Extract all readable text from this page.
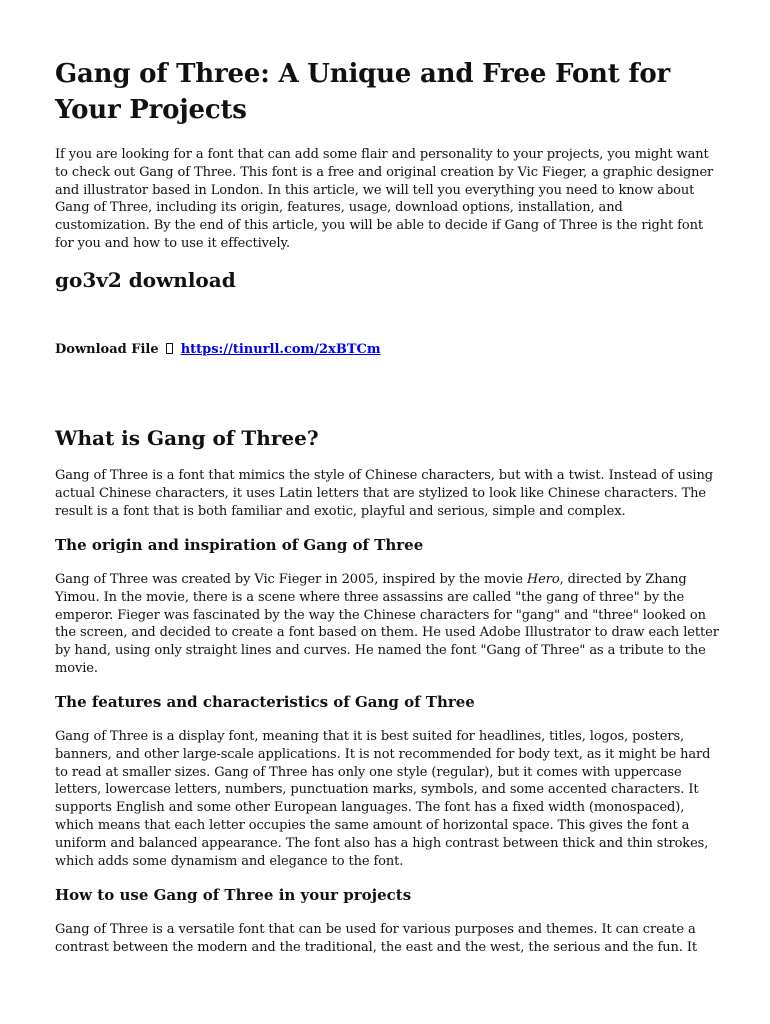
Gang of Three: A Unique and Free Font for Your Projects

If you are looking for a font that can add some flair and personality to your projects, you might want to check out Gang of Three. This font is a free and original creation by Vic Fieger, a graphic designer and illustrator based in London. In this article, we will tell you everything you need to know about Gang of Three, including its origin, features, usage, download options, installation, and customization. By the end of this article, you will be able to decide if Gang of Three is the right font for you and how to use it effectively.

go3v2 download
Download File https://tinurll.com/2xBTCm
What is Gang of Three?

Gang of Three is a font that mimics the style of Chinese characters, but with a twist. Instead of using actual Chinese characters, it uses Latin letters that are stylized to look like Chinese characters. The result is a font that is both familiar and exotic, playful and serious, simple and complex.

The origin and inspiration of Gang of Three

Gang of Three was created by Vic Fieger in 2005, inspired by the movie Hero, directed by Zhang Yimou. In the movie, there is a scene where three assassins are called "the gang of three" by the emperor. Fieger was fascinated by the way the Chinese characters for "gang" and "three" looked on the screen, and decided to create a font based on them. He used Adobe Illustrator to draw each letter by hand, using only straight lines and curves. He named the font "Gang of Three" as a tribute to the movie.

The features and characteristics of Gang of Three

Gang of Three is a display font, meaning that it is best suited for headlines, titles, logos, posters, banners, and other large-scale applications. It is not recommended for body text, as it might be hard to read at smaller sizes. Gang of Three has only one style (regular), but it comes with uppercase letters, lowercase letters, numbers, punctuation marks, symbols, and some accented characters. It supports English and some other European languages. The font has a fixed width (monospaced), which means that each letter occupies the same amount of horizontal space. This gives the font a uniform and balanced appearance. The font also has a high contrast between thick and thin strokes, which adds some dynamism and elegance to the font.

How to use Gang of Three in your projects

Gang of Three is a versatile font that can be used for various purposes and themes. It can create a contrast between the modern and the traditional, the east and the west, the serious and the fun. It
